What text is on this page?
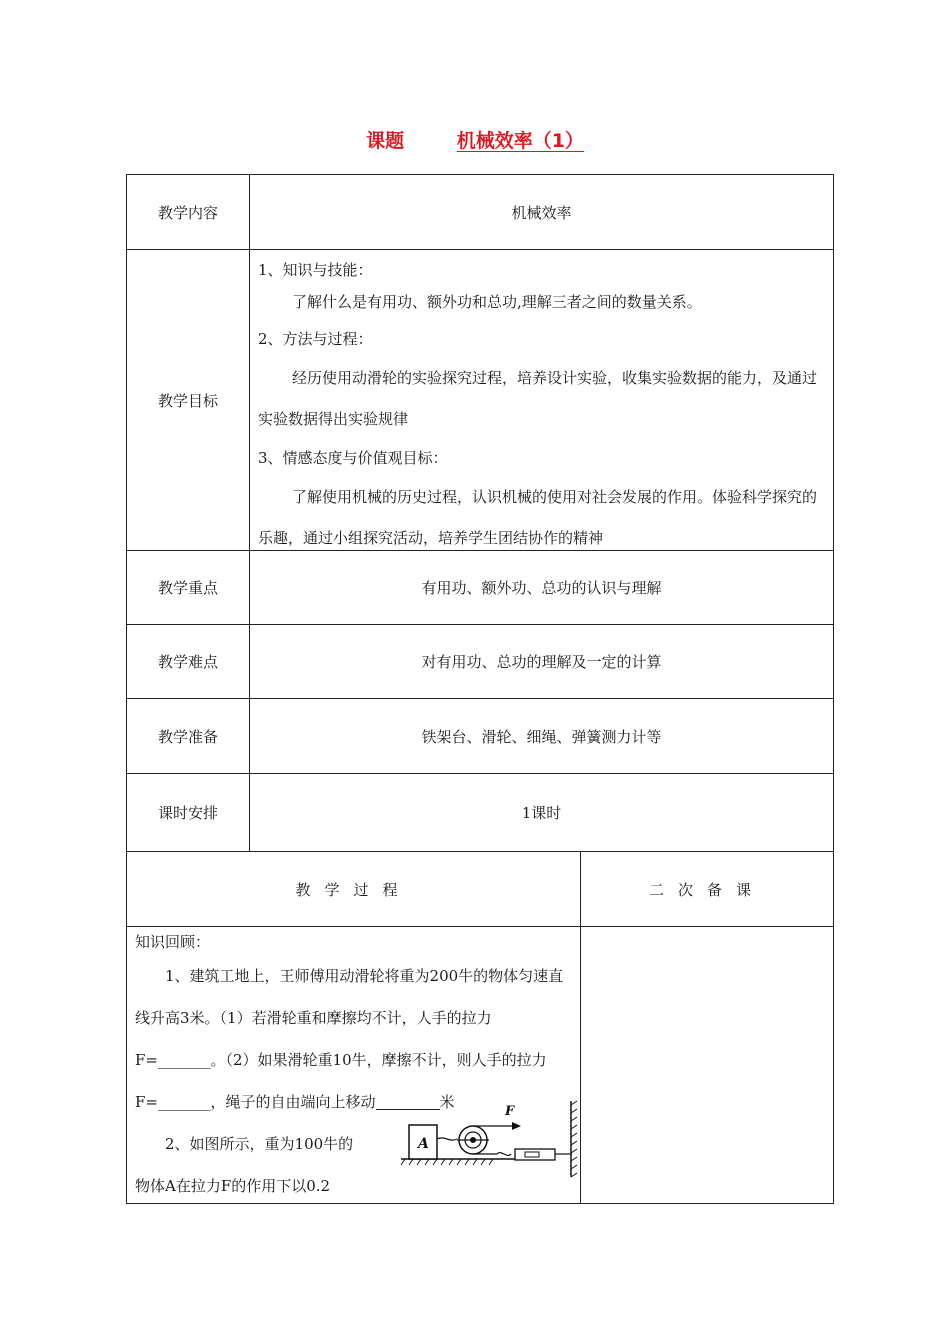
课题	机械效率（1）
教学内容	机械效率
教学目标
1、知识与技能：
了解什么是有用功、额外功和总功,理解三者之间的数量关系。
2、方法与过程：
经历使用动滑轮的实验探究过程，培养设计实验，收集实验数据的能力，及通过实验数据得出实验规律
3、情感态度与价值观目标：
了解使用机械的历史过程，认识机械的使用对社会发展的作用。体验科学探究的乐趣，通过小组探究活动，培养学生团结协作的精神
教学重点	有用功、额外功、总功的认识与理解
教学难点	对有用功、总功的理解及一定的计算
教学准备	铁架台、滑轮、细绳、弹簧测力计等
课时安排	1课时
教学过程	二次备课
知识回顾：
1、建筑工地上，王师傅用动滑轮将重为200牛的物体匀速直线升高3米。（1）若滑轮重和摩擦均不计，人手的拉力F=_______。（2）如果滑轮重10牛，摩擦不计，则人手的拉力F=_______，绳子的自由端向上移动	米
2、如图所示，重为100牛的
物体A在拉力F的作用下以0.2
A
F
